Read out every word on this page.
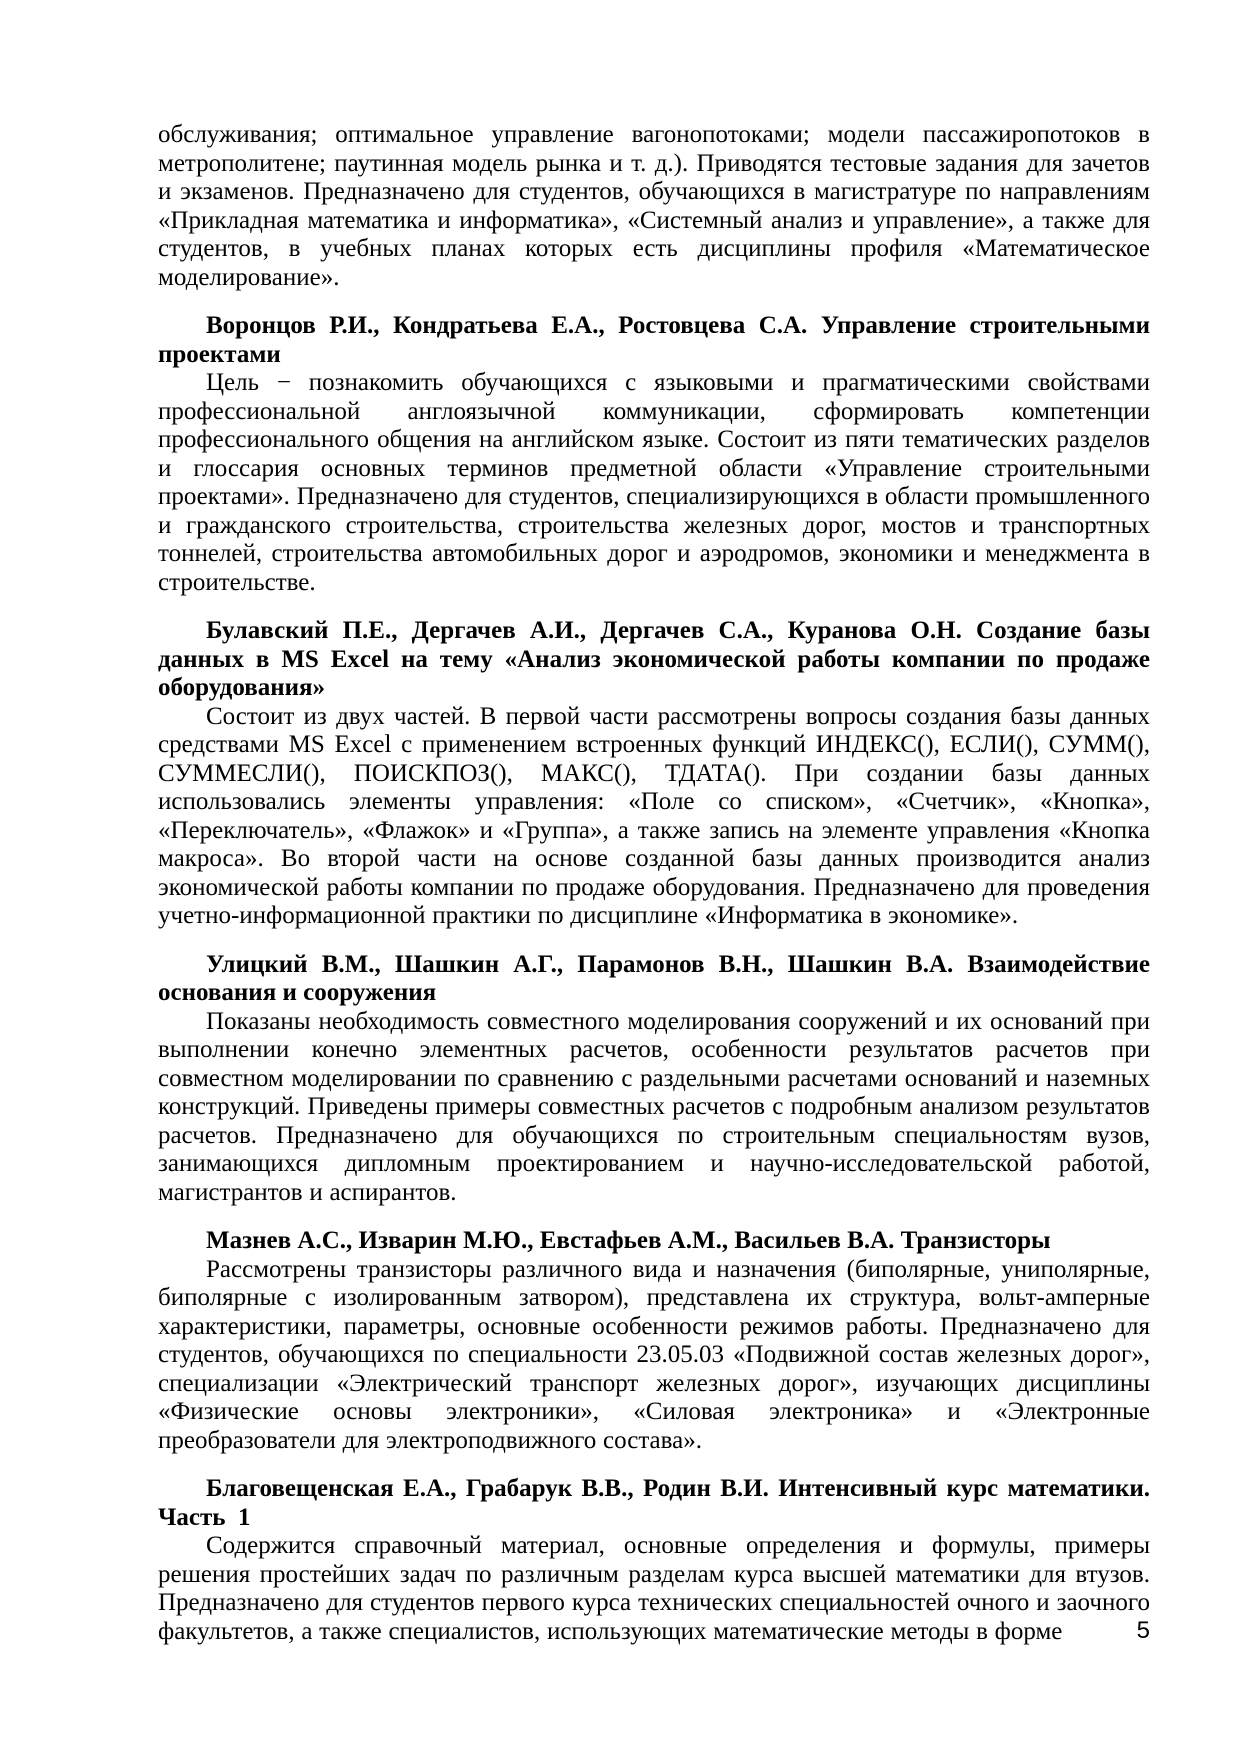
обслуживания; оптимальное управление вагонопотоками; модели пассажиропотоков в метрополитене; паутинная модель рынка и т. д.). Приводятся тестовые задания для зачетов и экзаменов. Предназначено для студентов, обучающихся в магистратуре по направлениям «Прикладная математика и информатика», «Системный анализ и управление», а также для студентов, в учебных планах которых есть дисциплины профиля «Математическое моделирование».

Воронцов Р.И., Кондратьева Е.А., Ростовцева С.А. Управление строительными проектами

Цель − познакомить обучающихся с языковыми и прагматическими свойствами профессиональной англоязычной коммуникации, сформировать компетенции профессионального общения на английском языке. Состоит из пяти тематических разделов и глоссария основных терминов предметной области «Управление строительными проектами». Предназначено для студентов, специализирующихся в области промышленного и гражданского строительства, строительства железных дорог, мостов и транспортных тоннелей, строительства автомобильных дорог и аэродромов, экономики и менеджмента в строительстве.

Булавский П.Е., Дергачев А.И., Дергачев С.А., Куранова О.Н. Создание базы данных в MS Excel на тему «Анализ экономической работы компании по продаже оборудования»

Состоит из двух частей. В первой части рассмотрены вопросы создания базы данных средствами MS Excel с применением встроенных функций ИНДЕКС(), ЕСЛИ(), СУММ(), СУММЕСЛИ(), ПОИСКПОЗ(), МАКС(), ТДАТА(). При создании базы данных использовались элементы управления: «Поле со списком», «Счетчик», «Кнопка», «Переключатель», «Флажок» и «Группа», а также запись на элементе управления «Кнопка макроса». Во второй части на основе созданной базы данных производится анализ экономической работы компании по продаже оборудования. Предназначено для проведения учетно-информационной практики по дисциплине «Информатика в экономике».

Улицкий В.М., Шашкин А.Г., Парамонов В.Н., Шашкин В.А. Взаимодействие основания и сооружения

Показаны необходимость совместного моделирования сооружений и их оснований при выполнении конечно элементных расчетов, особенности результатов расчетов при совместном моделировании по сравнению с раздельными расчетами оснований и наземных конструкций. Приведены примеры совместных расчетов с подробным анализом результатов расчетов. Предназначено для обучающихся по строительным специальностям вузов, занимающихся дипломным проектированием и научно-исследовательской работой, магистрантов и аспирантов.

Мазнев А.С., Изварин М.Ю., Евстафьев А.М., Васильев В.А. Транзисторы

Рассмотрены транзисторы различного вида и назначения (биполярные, униполярные, биполярные с изолированным затвором), представлена их структура, вольт-амперные характеристики, параметры, основные особенности режимов работы. Предназначено для студентов, обучающихся по специальности 23.05.03 «Подвижной состав железных дорог», специализации «Электрический транспорт железных дорог», изучающих дисциплины «Физические основы электроники», «Силовая электроника» и «Электронные преобразователи для электроподвижного состава».

Благовещенская Е.А., Грабарук В.В., Родин В.И. Интенсивный курс математики. Часть  1

Содержится справочный материал, основные определения и формулы, примеры решения простейших задач по различным разделам курса высшей математики для втузов. Предназначено для студентов первого курса технических специальностей очного и заочного факультетов, а также специалистов, использующих математические методы в форме	5
